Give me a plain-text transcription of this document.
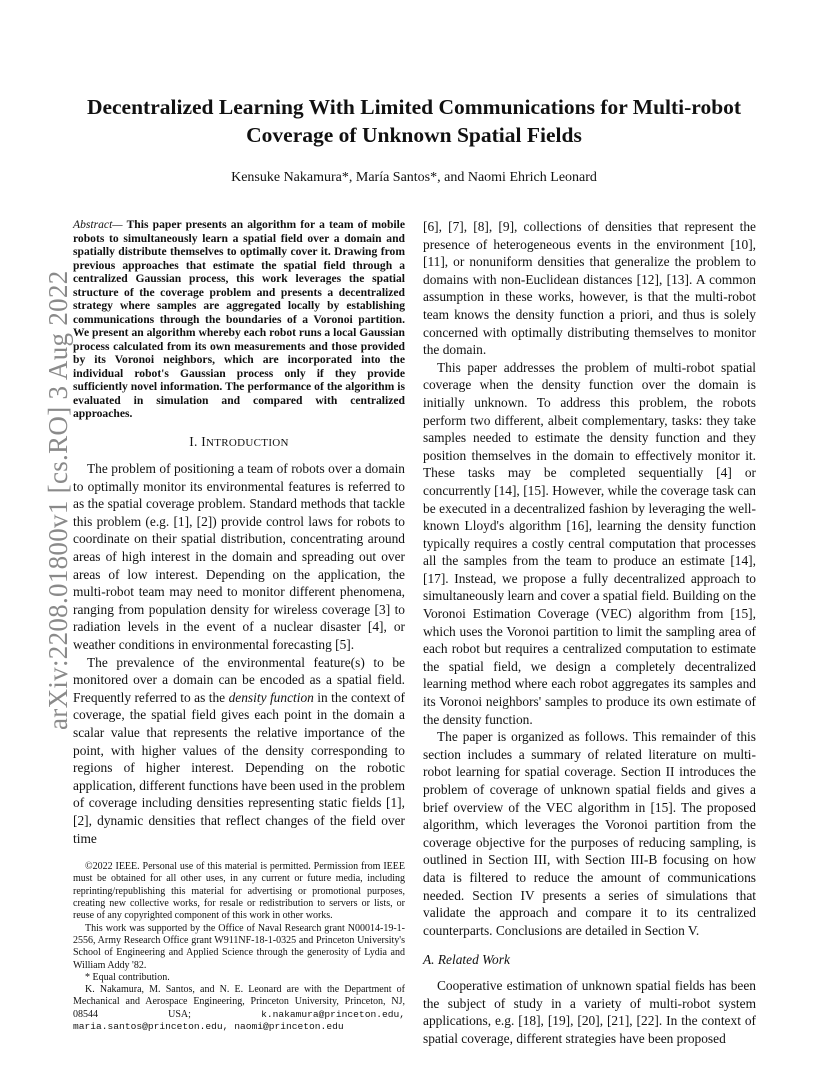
arXiv:2208.01800v1 [cs.RO] 3 Aug 2022
Decentralized Learning With Limited Communications for Multi-robot Coverage of Unknown Spatial Fields
Kensuke Nakamura*, María Santos*, and Naomi Ehrich Leonard
Abstract— This paper presents an algorithm for a team of mobile robots to simultaneously learn a spatial field over a domain and spatially distribute themselves to optimally cover it. Drawing from previous approaches that estimate the spatial field through a centralized Gaussian process, this work leverages the spatial structure of the coverage problem and presents a decentralized strategy where samples are aggregated locally by establishing communications through the boundaries of a Voronoi partition. We present an algorithm whereby each robot runs a local Gaussian process calculated from its own measurements and those provided by its Voronoi neighbors, which are incorporated into the individual robot's Gaussian process only if they provide sufficiently novel information. The performance of the algorithm is evaluated in simulation and compared with centralized approaches.
I. INTRODUCTION

The problem of positioning a team of robots over a domain to optimally monitor its environmental features is referred to as the spatial coverage problem. Standard methods that tackle this problem (e.g. [1], [2]) provide control laws for robots to coordinate on their spatial distribution, concentrating around areas of high interest in the domain and spreading out over areas of low interest. Depending on the application, the multi-robot team may need to monitor different phenomena, ranging from population density for wireless coverage [3] to radiation levels in the event of a nuclear disaster [4], or weather conditions in environmental forecasting [5].

The prevalence of the environmental feature(s) to be monitored over a domain can be encoded as a spatial field. Frequently referred to as the density function in the context of coverage, the spatial field gives each point in the domain a scalar value that represents the relative importance of the point, with higher values of the density corresponding to regions of higher interest. Depending on the robotic application, different functions have been used in the problem of coverage including densities representing static fields [1], [2], dynamic densities that reflect changes of the field over time

©2022 IEEE. Personal use of this material is permitted. Permission from IEEE must be obtained for all other uses, in any current or future media, including reprinting/republishing this material for advertising or promotional purposes, creating new collective works, for resale or redistribution to servers or lists, or reuse of any copyrighted component of this work in other works.

This work was supported by the Office of Naval Research grant N00014-19-1-2556, Army Research Office grant W911NF-18-1-0325 and Princeton University's School of Engineering and Applied Science through the generosity of Lydia and William Addy '82.

* Equal contribution.

K. Nakamura, M. Santos, and N. E. Leonard are with the Department of Mechanical and Aerospace Engineering, Princeton University, Princeton, NJ, 08544 USA; k.nakamura@princeton.edu, maria.santos@princeton.edu, naomi@princeton.edu

[6], [7], [8], [9], collections of densities that represent the presence of heterogeneous events in the environment [10], [11], or nonuniform densities that generalize the problem to domains with non-Euclidean distances [12], [13]. A common assumption in these works, however, is that the multi-robot team knows the density function a priori, and thus is solely concerned with optimally distributing themselves to monitor the domain.

This paper addresses the problem of multi-robot spatial coverage when the density function over the domain is initially unknown. To address this problem, the robots perform two different, albeit complementary, tasks: they take samples needed to estimate the density function and they position themselves in the domain to effectively monitor it. These tasks may be completed sequentially [4] or concurrently [14], [15]. However, while the coverage task can be executed in a decentralized fashion by leveraging the well-known Lloyd's algorithm [16], learning the density function typically requires a costly central computation that processes all the samples from the team to produce an estimate [14], [17]. Instead, we propose a fully decentralized approach to simultaneously learn and cover a spatial field. Building on the Voronoi Estimation Coverage (VEC) algorithm from [15], which uses the Voronoi partition to limit the sampling area of each robot but requires a centralized computation to estimate the spatial field, we design a completely decentralized learning method where each robot aggregates its samples and its Voronoi neighbors' samples to produce its own estimate of the density function.

The paper is organized as follows. This remainder of this section includes a summary of related literature on multi-robot learning for spatial coverage. Section II introduces the problem of coverage of unknown spatial fields and gives a brief overview of the VEC algorithm in [15]. The proposed algorithm, which leverages the Voronoi partition from the coverage objective for the purposes of reducing sampling, is outlined in Section III, with Section III-B focusing on how data is filtered to reduce the amount of communications needed. Section IV presents a series of simulations that validate the approach and compare it to its centralized counterparts. Conclusions are detailed in Section V.

A. Related Work

Cooperative estimation of unknown spatial fields has been the subject of study in a variety of multi-robot system applications, e.g. [18], [19], [20], [21], [22]. In the context of spatial coverage, different strategies have been proposed
